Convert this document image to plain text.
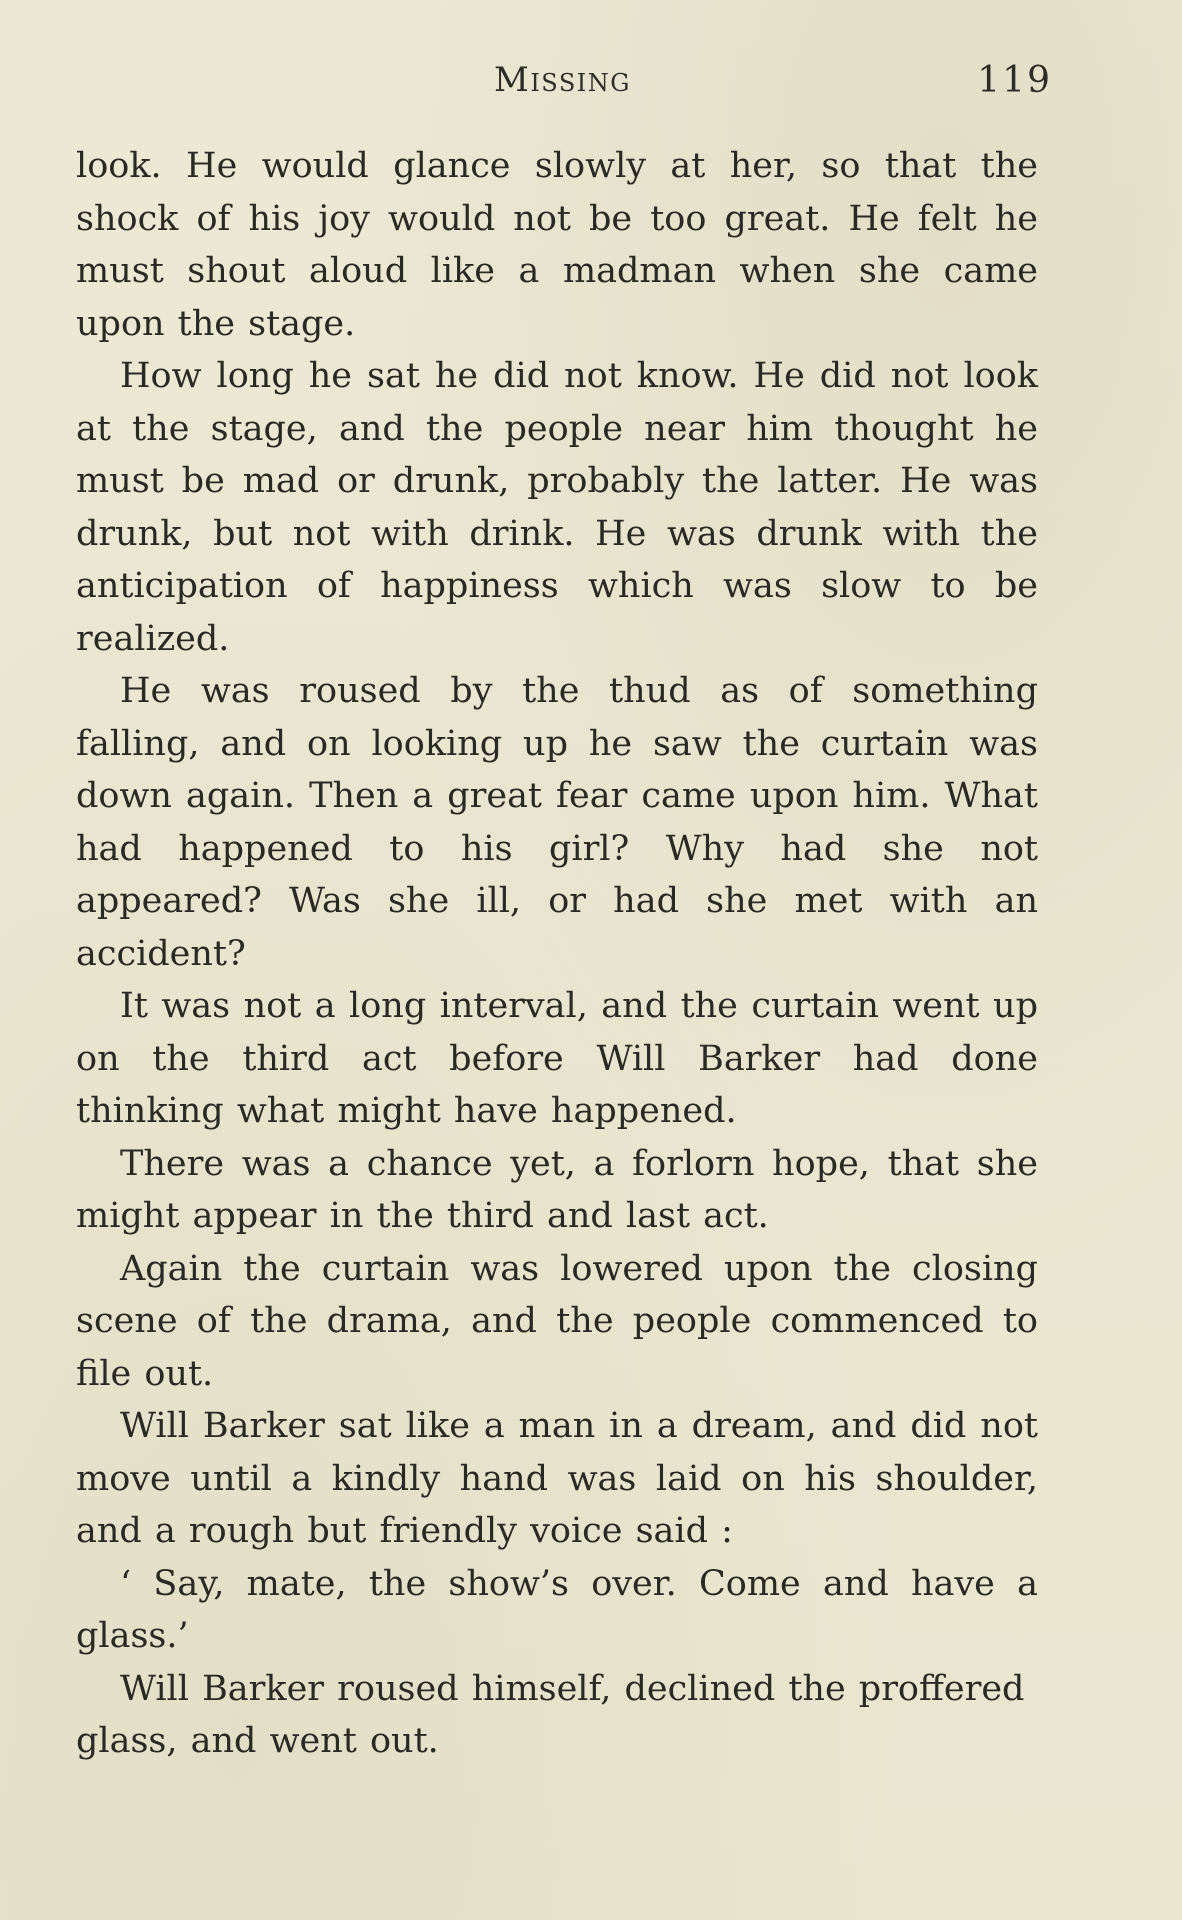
Missing	119

look. He would glance slowly at her, so that the shock of his joy would not be too great. He felt he must shout aloud like a madman when she came upon the stage.

How long he sat he did not know. He did not look at the stage, and the people near him thought he must be mad or drunk, probably the latter. He was drunk, but not with drink. He was drunk with the anticipation of happiness which was slow to be realized.

He was roused by the thud as of something falling, and on looking up he saw the curtain was down again. Then a great fear came upon him. What had happened to his girl? Why had she not appeared? Was she ill, or had she met with an accident?

It was not a long interval, and the curtain went up on the third act before Will Barker had done thinking what might have happened.

There was a chance yet, a forlorn hope, that she might appear in the third and last act.

Again the curtain was lowered upon the closing scene of the drama, and the people commenced to file out.

Will Barker sat like a man in a dream, and did not move until a kindly hand was laid on his shoulder, and a rough but friendly voice said :

‘ Say, mate, the show’s over. Come and have a glass.’

Will Barker roused himself, declined the proffered glass, and went out.
